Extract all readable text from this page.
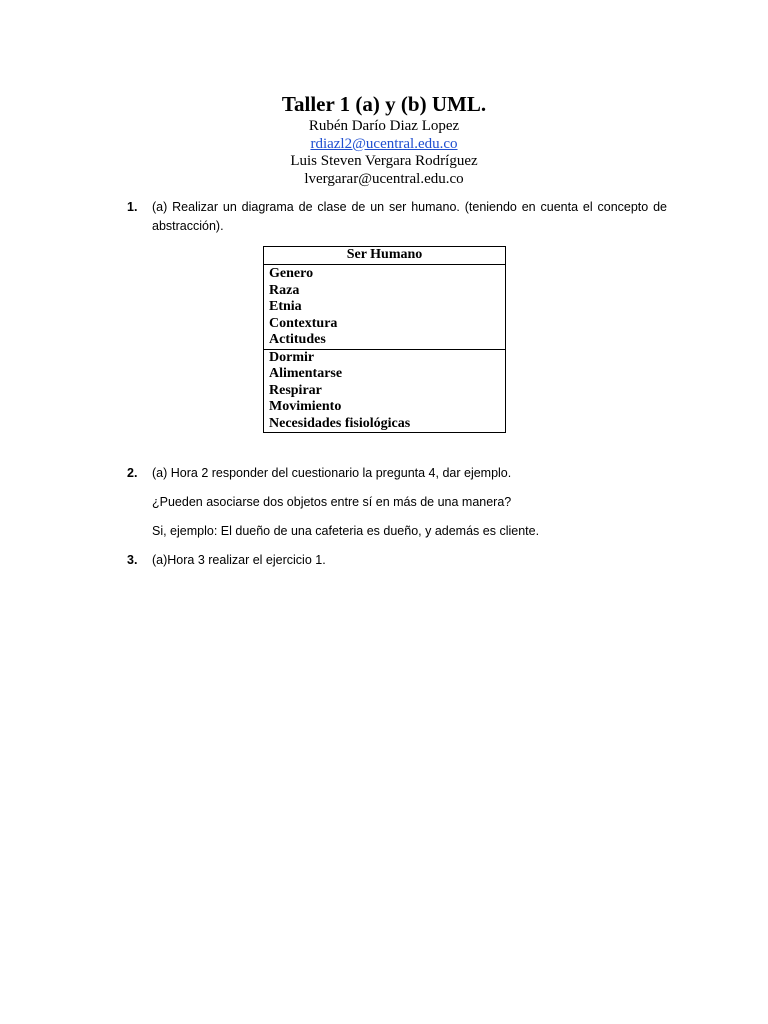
Taller 1 (a) y (b) UML.

Rubén Darío Diaz Lopez

rdiazl2@ucentral.edu.co

Luis Steven Vergara Rodríguez

lvergarar@ucentral.edu.co

1.	(a) Realizar un diagrama de clase de un ser humano. (teniendo en cuenta el concepto de abstracción).
Ser Humano
Genero
Raza
Etnia
Contextura
Actitudes
Dormir
Alimentarse
Respirar
Movimiento
Necesidades fisiológicas
2.	(a) Hora 2 responder del cuestionario la pregunta 4, dar ejemplo.

¿Pueden asociarse dos objetos entre sí en más de una manera?

Si, ejemplo: El dueño de una cafeteria es dueño, y además es cliente.

3.	(a)Hora 3 realizar el ejercicio 1.
